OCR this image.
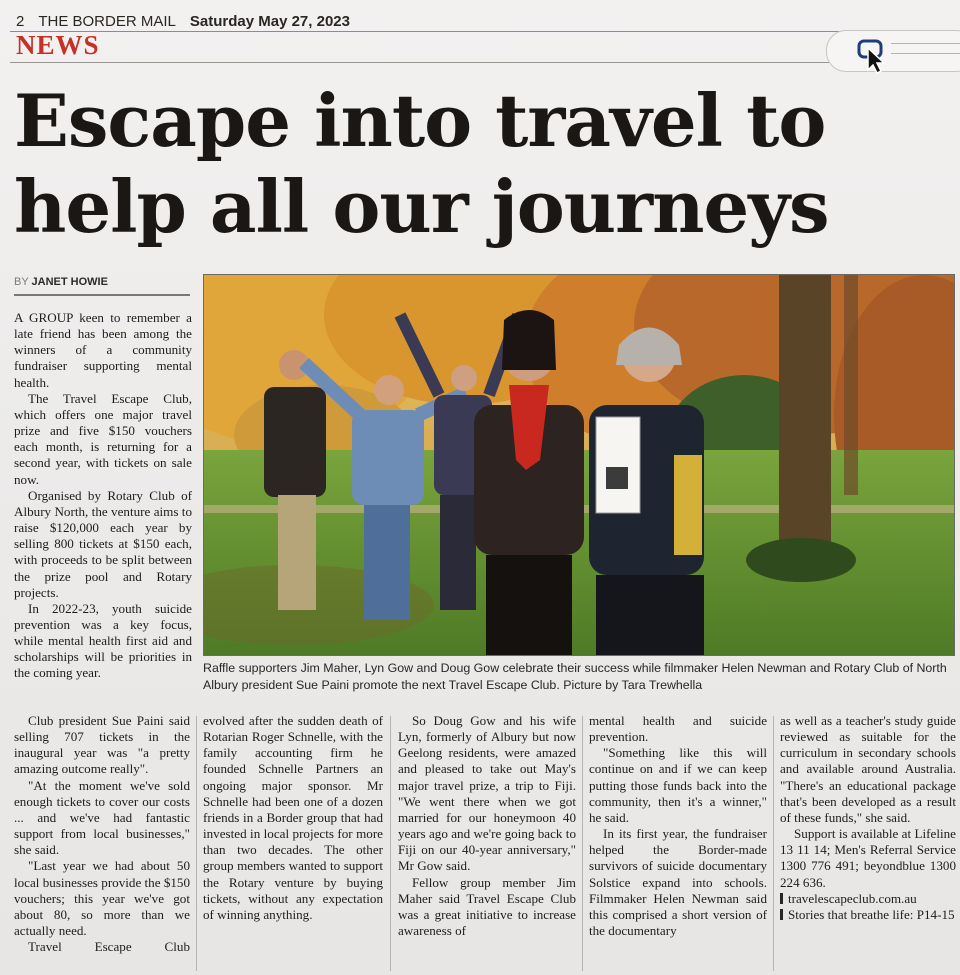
2 THE BORDER MAIL Saturday May 27, 2023
NEWS
Escape into travel to
help all our journeys
BY JANET HOWIE

A GROUP keen to remember a late friend has been among the winners of a community fundraiser supporting mental health.

The Travel Escape Club, which offers one major travel prize and five $150 vouchers each month, is returning for a second year, with tickets on sale now.

Organised by Rotary Club of Albury North, the venture aims to raise $120,000 each year by selling 800 tickets at $150 each, with proceeds to be split between the prize pool and Rotary projects.

In 2022-23, youth suicide prevention was a key focus, while mental health first aid and scholarships will be priorities in the coming year.	Raffle supporters Jim Maher, Lyn Gow and Doug Gow celebrate their success while filmmaker Helen Newman and Rotary Club of North Albury president Sue Paini promote the next Travel Escape Club. Picture by Tara Trewhella

Club president Sue Paini said selling 707 tickets in the inaugural year was "a pretty amazing outcome really".

"At the moment we've sold enough tickets to cover our costs ... and we've had fantastic support from local businesses," she said.

"Last year we had about 50 local businesses provide the $150 vouchers; this year we've got about 80, so more than we actually need.

Travel Escape Club

evolved after the sudden death of Rotarian Roger Schnelle, with the family accounting firm he founded Schnelle Partners an ongoing major sponsor. Mr Schnelle had been one of a dozen friends in a Border group that had invested in local projects for more than two decades. The other group members wanted to support the Rotary venture by buying tickets, without any expectation of winning anything.

So Doug Gow and his wife Lyn, formerly of Albury but now Geelong residents, were amazed and pleased to take out May's major travel prize, a trip to Fiji. "We went there when we got married for our honeymoon 40 years ago and we're going back to Fiji on our 40-year anniversary," Mr Gow said.

Fellow group member Jim Maher said Travel Escape Club was a great initiative to increase awareness of

mental health and suicide prevention.

"Something like this will continue on and if we can keep putting those funds back into the community, then it's a winner," he said.

In its first year, the fundraiser helped the Border-made survivors of suicide documentary Solstice expand into schools. Filmmaker Helen Newman said this comprised a short version of the documentary

as well as a teacher's study guide reviewed as suitable for the curriculum in secondary schools and available around Australia. "There's an educational package that's been developed as a result of these funds," she said.

Support is available at Lifeline 13 11 14; Men's Referral Service 1300 776 491; beyondblue 1300 224 636.

travelescapeclub.com.au

Stories that breathe life: P14-15
